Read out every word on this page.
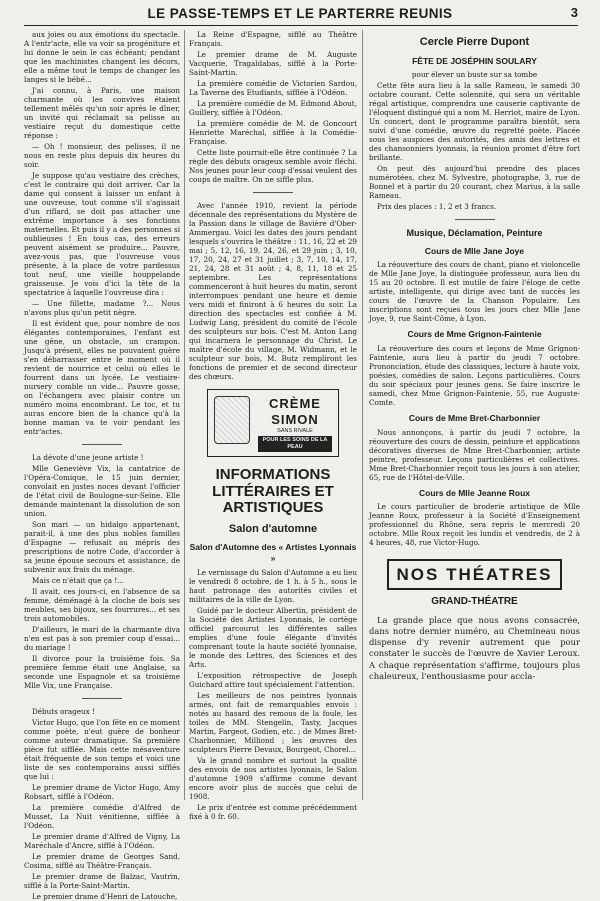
LE PASSE-TEMPS ET LE PARTERRE REUNIS	3

aux joies ou aux émotions du spectacle. A l'entr'acte, elle va voir sa progéniture et lui donne le sein le cas échéant; pendant que les machinistes changent les décors, elle a même tout le temps de changer les langes si le bébé...

J'ai connu, à Paris, une maison charmante où les convives étaient tellement mêlés qu'un soir après le dîner, un invité qui réclamait sa pelisse au vestiaire reçut du domestique cette réponse :

— Oh ! monsieur, des pelisses, il ne nous en reste plus depuis dix heures du soir.

Je suppose qu'au vestiaire des crèches, c'est le contraire qui doit arriver. Car la dame qui consent à laisser un enfant à une ouvreuse, tout comme s'il s'agissait d'un riflard, se doit pas attacher une extrême importance à ses fonctions maternelles. Et puis il y a des personnes si oublieuses ! En tous cas, des erreurs peuvent aisément se produire... Pauvre, avez-vous pas, que l'ouvreuse vous présente, à la place de votre pardessus tout neuf, une vieille houppelande graisseuse. Je vois d'ici la tête de la spectatrice à laquelle l'ouvreuse dira :

— Une fillette, madame ?... Nous n'avons plus qu'un petit nègre.

Il est évident que, pour nombre de nos élégantes contemporaines, l'enfant est une gêne, un obstacle, un crampon. Jusqu'à présent, elles ne pouvaient guère s'en débarrasser entre le moment où il revient de nourrice et celui où elles le fourrent dans un lycée. Le vestiaire-nursery comble un vide... Pauvre gosse, on l'échangera avec plaisir contre un numéro moins encombrant. Le toc, et tu auras encore bien de la chance qu'à la bonne maman va te voir pendant les entr'actes.

La dévote d'une jeune artiste !

Mlle Geneviève Vix, la cantatrice de l'Opéra-Comique, le 15 juin dernier, convolait en justes noces devant l'officier de l'état civil de Boulogne-sur-Seine. Elle demande maintenant la dissolution de son union.

Son mari — un hidalgo appartenant, parait-il, à une des plus nobles familles d'Espagne — refusait au mépris des prescriptions de notre Code, d'accorder à sa jeune épouse secours et assistance, de subvenir aux frais du ménage.

Mais ce n'était que ça !...

Il avait, ces jours-ci, en l'absence de sa femme, déménagé à la cloche de bois ses meubles, ses bijoux, ses fourrures... et ses trois automobiles.

D'ailleurs, le mari de la charmante diva n'en est pas à son premier coup d'essai... du mariage !

Il divorce pour la troisième fois. Sa première femme était une Anglaise, sa seconde une Espagnole et sa troisième Mlle Vix, une Française.

Débuts orageux !

Victor Hugo, que l'on fête en ce moment comme poète, n'eut guère de bonheur comme auteur dramatique. Sa première pièce fut sifflée. Mais cette mésaventure était fréquente de son temps et voici une liste de ses contemporains aussi sifflés que lui :

Le premier drame de Victor Hugo, Amy Robsart, sifflé à l'Odéon.

La première comédie d'Alfred de Musset, La Nuit vénitienne, sifflée à l'Odéon.

Le premier drame d'Alfred de Vigny, La Maréchale d'Ancre, sifflé à l'Odéon.

Le premier drame de Georges Sand, Cosima, sifflé au Théâtre-Français.

Le premier drame de Balzac, Vautrin, sifflé à la Porte-Saint-Martin.

Le premier drame d'Henri de Latouche,

La Reine d'Espagne, sifflé au Théâtre Français.

Le premier drame de M. Auguste Vacquerie, Tragaldabas, sifflé à la Porte-Saint-Martin.

La première comédie de Victorien Sardou, La Taverne des Etudiants, sifflée à l'Odéon.

La première comédie de M. Edmond About, Guillery, sifflée à l'Odéon.

La première comédie de M. de Goncourt Henriette Maréchal, sifflée à la Comédie-Française.

Cette liste pourrait-elle être continuée ? La règle des débuts orageux semble avoir fléchi. Nos jeunes pour leur coup d'essai veulent des coups de maître. On ne siffle plus.

Avec l'année 1910, revient la période décennale des représentations du Mystère de la Passion dans le village de Bavière d'Ober-Ammergau. Voici les dates des jours pendant lesquels s'ouvrira le théâtre : 11, 16, 22 et 29 mai ; 5, 12, 16, 19, 24, 26, et 29 juin ; 3, 10, 17, 20, 24, 27 et 31 juillet ; 3, 7, 10, 14, 17, 21, 24, 28 et 31 août ; 4, 8, 11, 18 et 25 septembre. Les représentations commenceront à huit heures du matin, seront interrompues pendant une heure et demie vers midi et finiront à 6 heures du soir. La direction des spectacles est confiée à M. Ludwig Lang, président du comité de l'école des sculpteurs sur bois. C'est M. Anton Lang qui incarnera le personnage du Christ. Le maître d'école du village, M. Widmann, et le sculpteur sur bois, M. Butz rempliront les fonctions de premier et de second directeur des chœurs.

CRÈME
SIMON
SANS RIVALE
POUR LES SOINS DE LA PEAU
INFORMATIONS LITTÉRAIRES ET ARTISTIQUES
Salon d'automne
Salon d'Automne des « Artistes Lyonnais »

Le vernissage du Salon d'Automne a eu lieu le vendredi 8 octobre, de 1 h. à 5 h., sous le haut patronage des autorités civiles et militaires de la ville de Lyon.

Guidé par le docteur Albertin, président de la Société des Artistes Lyonnais, le cortège officiel parcourut les différentes salles emplies d'une foule élégante d'invités comprenant toute la haute société lyonnaise, le monde des Lettres, des Sciences et des Arts.

L'exposition rétrospective de Joseph Guichard attire tout spécialement l'attention.

Les meilleurs de nos peintres lyonnais armés, ont fait de remarquables envois : notés au hasard des remous de la foule, les toiles de MM. Stengelin, Tasty, Jacques Martin, Fargeot, Godien, etc. ; de Mmes Bret-Charbonnier, Milliond ; les œuvres des sculpteurs Pierre Devaux, Bourgeot, Chorel...

Va le grand nombre et surtout la qualité des envois de nos artistes lyonnais, le Salon d'automne 1909 s'affirme comme devant encore avoir plus de succès que celui de 1908.

Le prix d'entrée est comme précédemment fixé à 0 fr. 60.

Cercle Pierre Dupont
FÊTE DE JOSÉPHIN SOULARY

pour élever un buste sur sa tombe

Cette fête aura lieu à la salle Rameau, le samedi 30 octobre courant. Cette solennité, qui sera un véritable régal artistique, comprendra une causerie captivante de l'éloquent distingué qui a nom M. Herriot, maire de Lyon. Un concert, dont le programme paraîtra bientôt, sera suivi d'une comédie, œuvre du regretté poète. Placée sous les auspices des autorités, des amis des lettres et des chansonniers lyonnais, la réunion promet d'être fort brillante.

On peut dès aujourd'hui prendre des places numérotées, chez M. Sylvestre, photographe, 3, rue de Bonnel et à partir du 20 courant, chez Marius, à la salle Rameau.

Prix des places : 1, 2 et 3 francs.

Musique, Déclamation, Peinture
Cours de Mlle Jane Joye

La réouverture des cours de chant, piano et violoncelle de Mlle Jane Joye, la distinguée professeur, aura lieu du 15 au 20 octobre. Il est inutile de faire l'éloge de cette artiste, intelligente, qui dirige avec tant de succès les cours de l'œuvre de la Chanson Populaire. Les inscriptions sont reçues tous les jours chez Mlle Jane Joye, 9, rue Saint-Côme, à Lyon.

Cours de Mme Grignon-Faintenie

La réouverture des cours et leçons de Mme Grignon-Faintenie, aura lieu à partir du jeudi 7 octobre. Prononciation, étude des classiques, lecture à haute voix, poésies, comédies de salon. Leçons particulières. Cours du soir spéciaux pour jeunes gens. Se faire inscrire le samedi, chez Mme Grignon-Faintenie, 55, rue Auguste-Comte.

Cours de Mme Bret-Charbonnier

Nous annonçons, à partir du jeudi 7 octobre, la réouverture des cours de dessin, peinture et applications décoratives diverses de Mme Bret-Charbonnier, artiste peintre, professeur. Leçons particulières et collectives. Mme Bret-Charbonnier reçoit tous les jours à son atelier, 65, rue de l'Hôtel-de-Ville.

Cours de Mlle Jeanne Roux

Le cours particulier de broderie artistique de Mlle Jeanne Roux, professeur à la Société d'Enseignement professionnel du Rhône, sera repris le mercredi 20 octobre. Mlle Roux reçoit les lundis et vendredis, de 2 à 4 heures, 48, rue Victor-Hugo.

NOS THÉATRES
GRAND-THÉATRE

La grande place que nous avons consacrée, dans notre dernier numéro, au Chemineau nous dispense d'y revenir autrement que pour constater le succès de l'œuvre de Xavier Leroux. A chaque représentation s'affirme, toujours plus chaleureux, l'enthousiasme pour accla-
